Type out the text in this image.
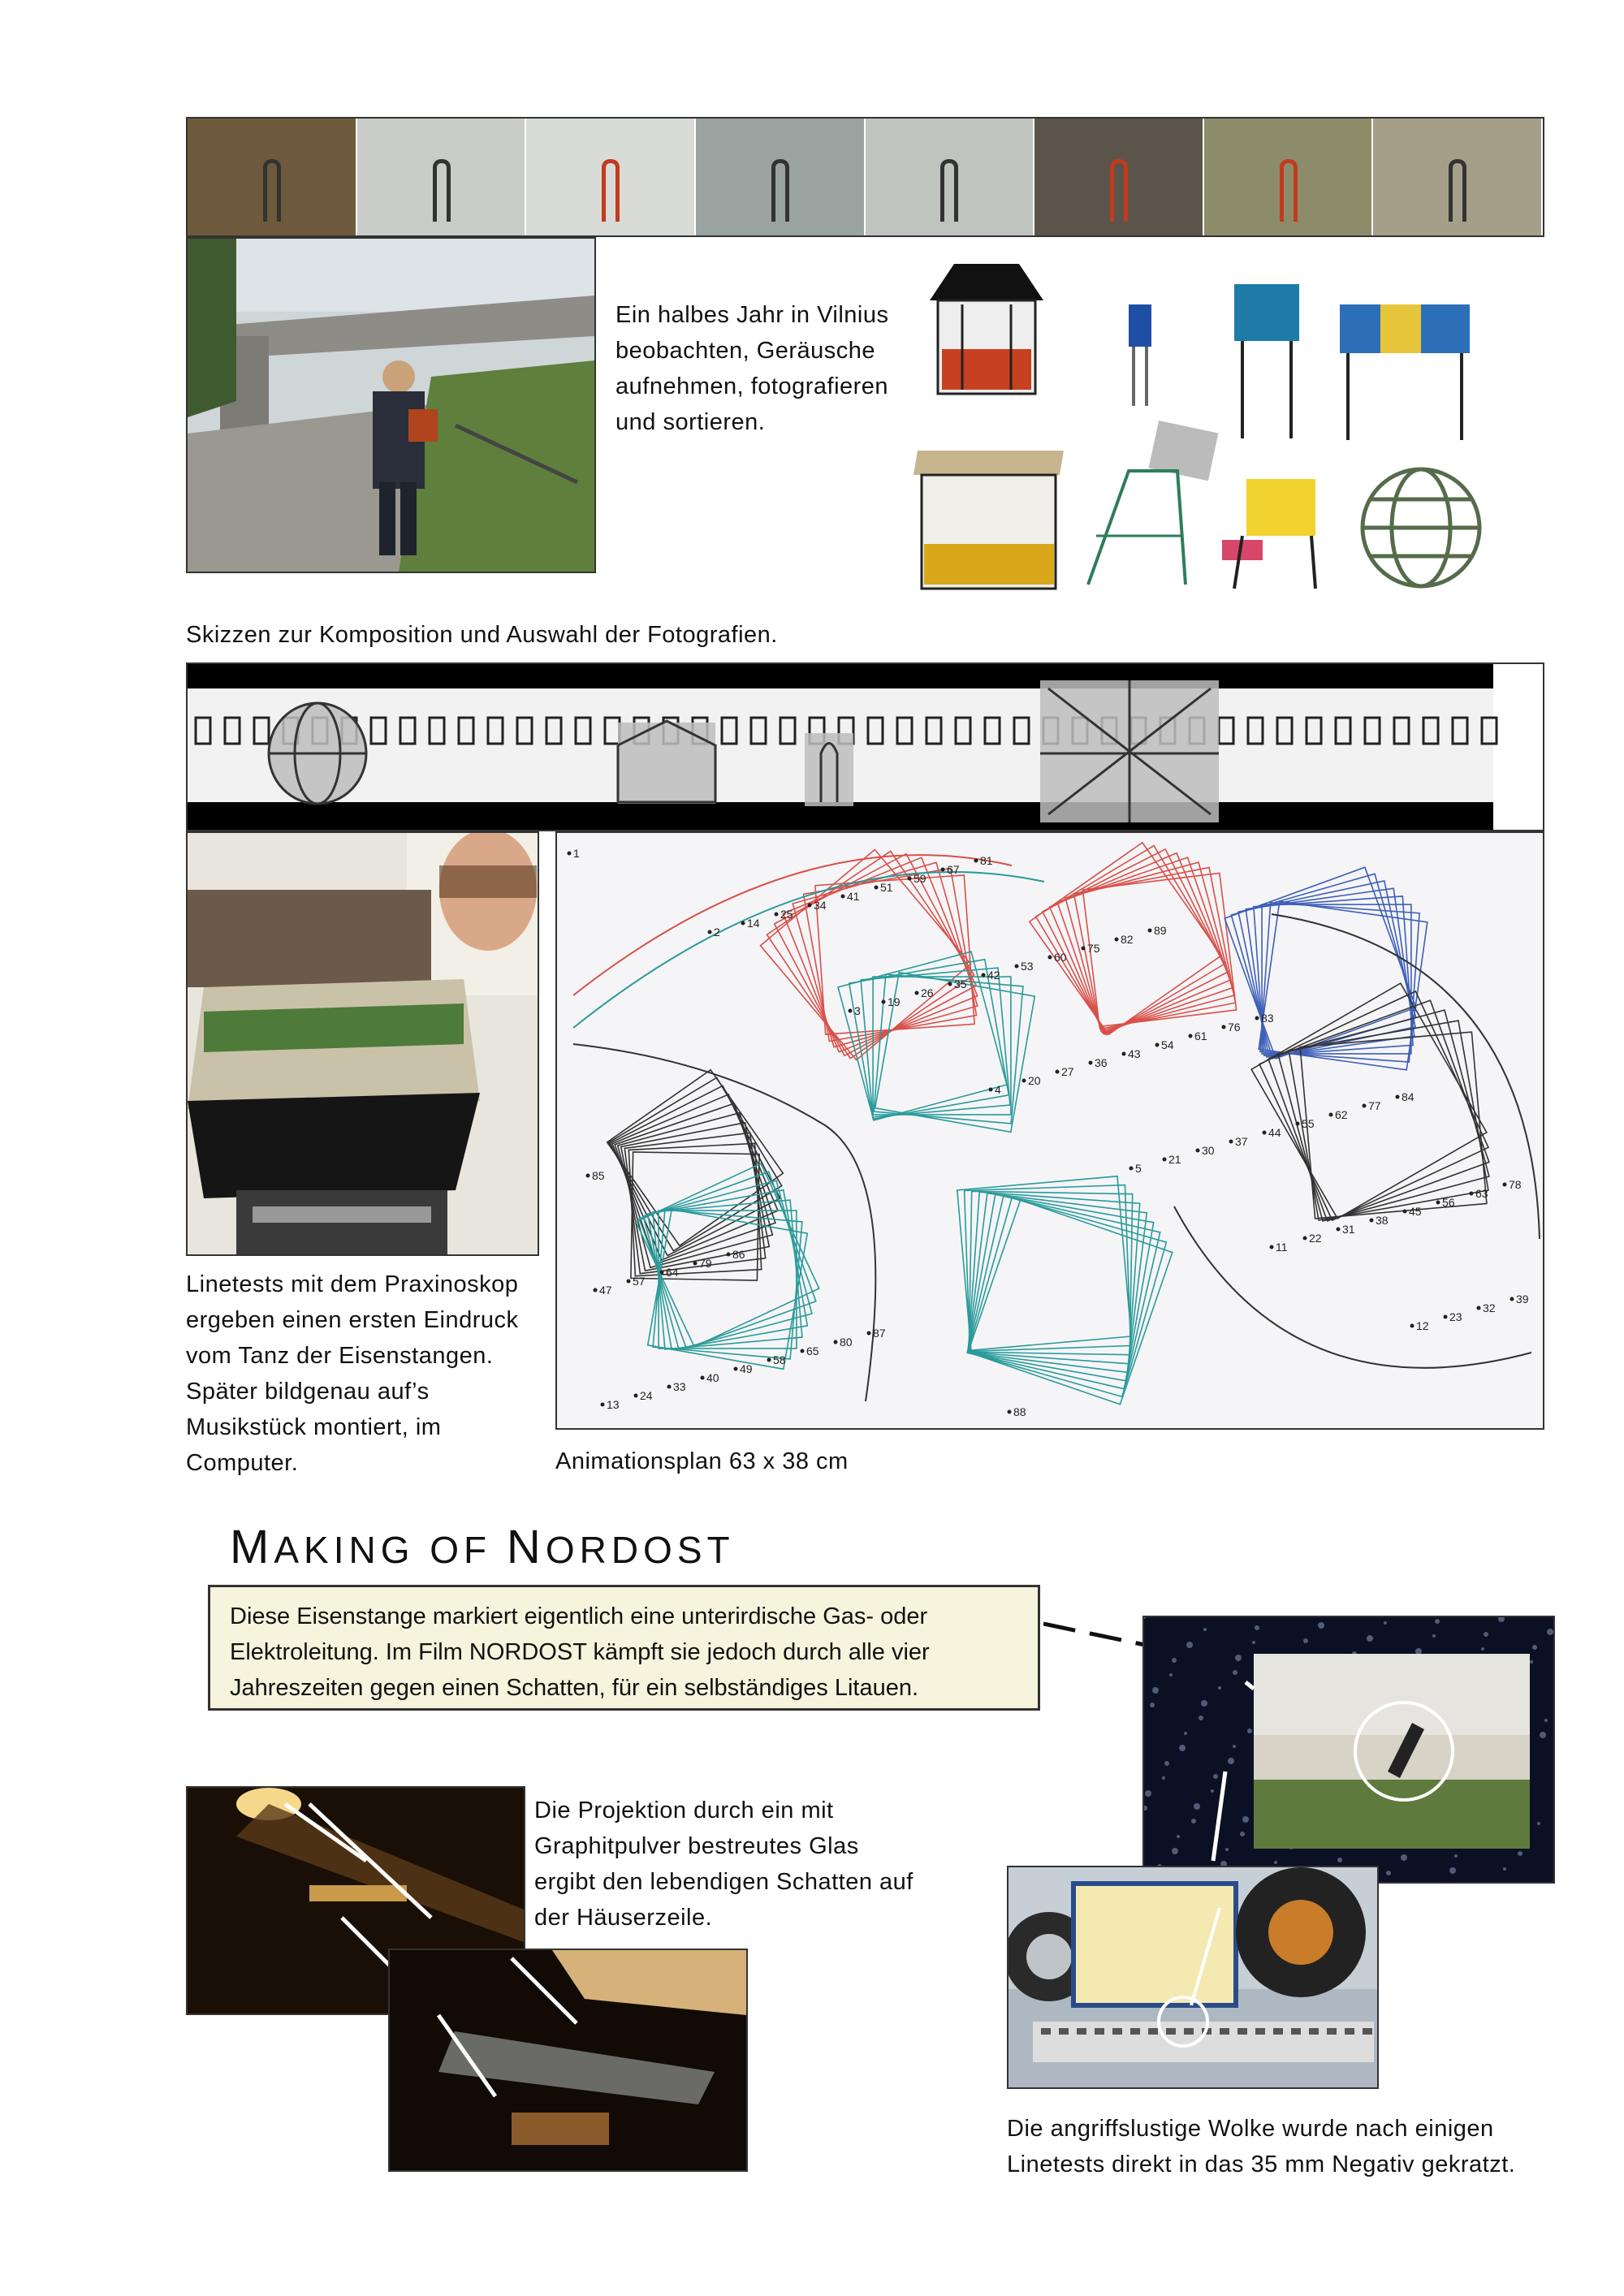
Ein halbes Jahr in Vilnius beobachten, Geräusche aufnehmen, fotografieren und sortieren.
Skizzen zur Komposition und Auswahl der Fotografien.
1
2
3
4
5
11
12
13
14
19
20
21
22
23
24
25
26
27
30
31
32
33
34
35
36
37
38
39
40
41
42
43
44
45
47
49
51
53
54
55
56
57
58
59
60
61
62
63
64
65
67
75
76
77
78
79
80
81
82
83
84
85
86
87
88
89
Linetests mit dem Praxinoskop ergeben einen ersten Eindruck vom Tanz der Eisenstangen. Später bildgenau auf’s Musikstück montiert, im Computer.	Animationsplan 63 x 38 cm
MAKING OF NORDOST
Diese Eisenstange markiert eigentlich eine unterirdische Gas- oder Elektroleitung. Im Film NORDOST kämpft sie jedoch durch alle vier Jahreszeiten gegen einen Schatten, für ein selbständiges Litauen.
Die Projektion durch ein mit Graphitpulver bestreutes Glas ergibt den lebendigen Schatten auf der Häuserzeile.
Die angriffslustige Wolke wurde nach einigen Linetests direkt in das 35 mm Negativ gekratzt.
